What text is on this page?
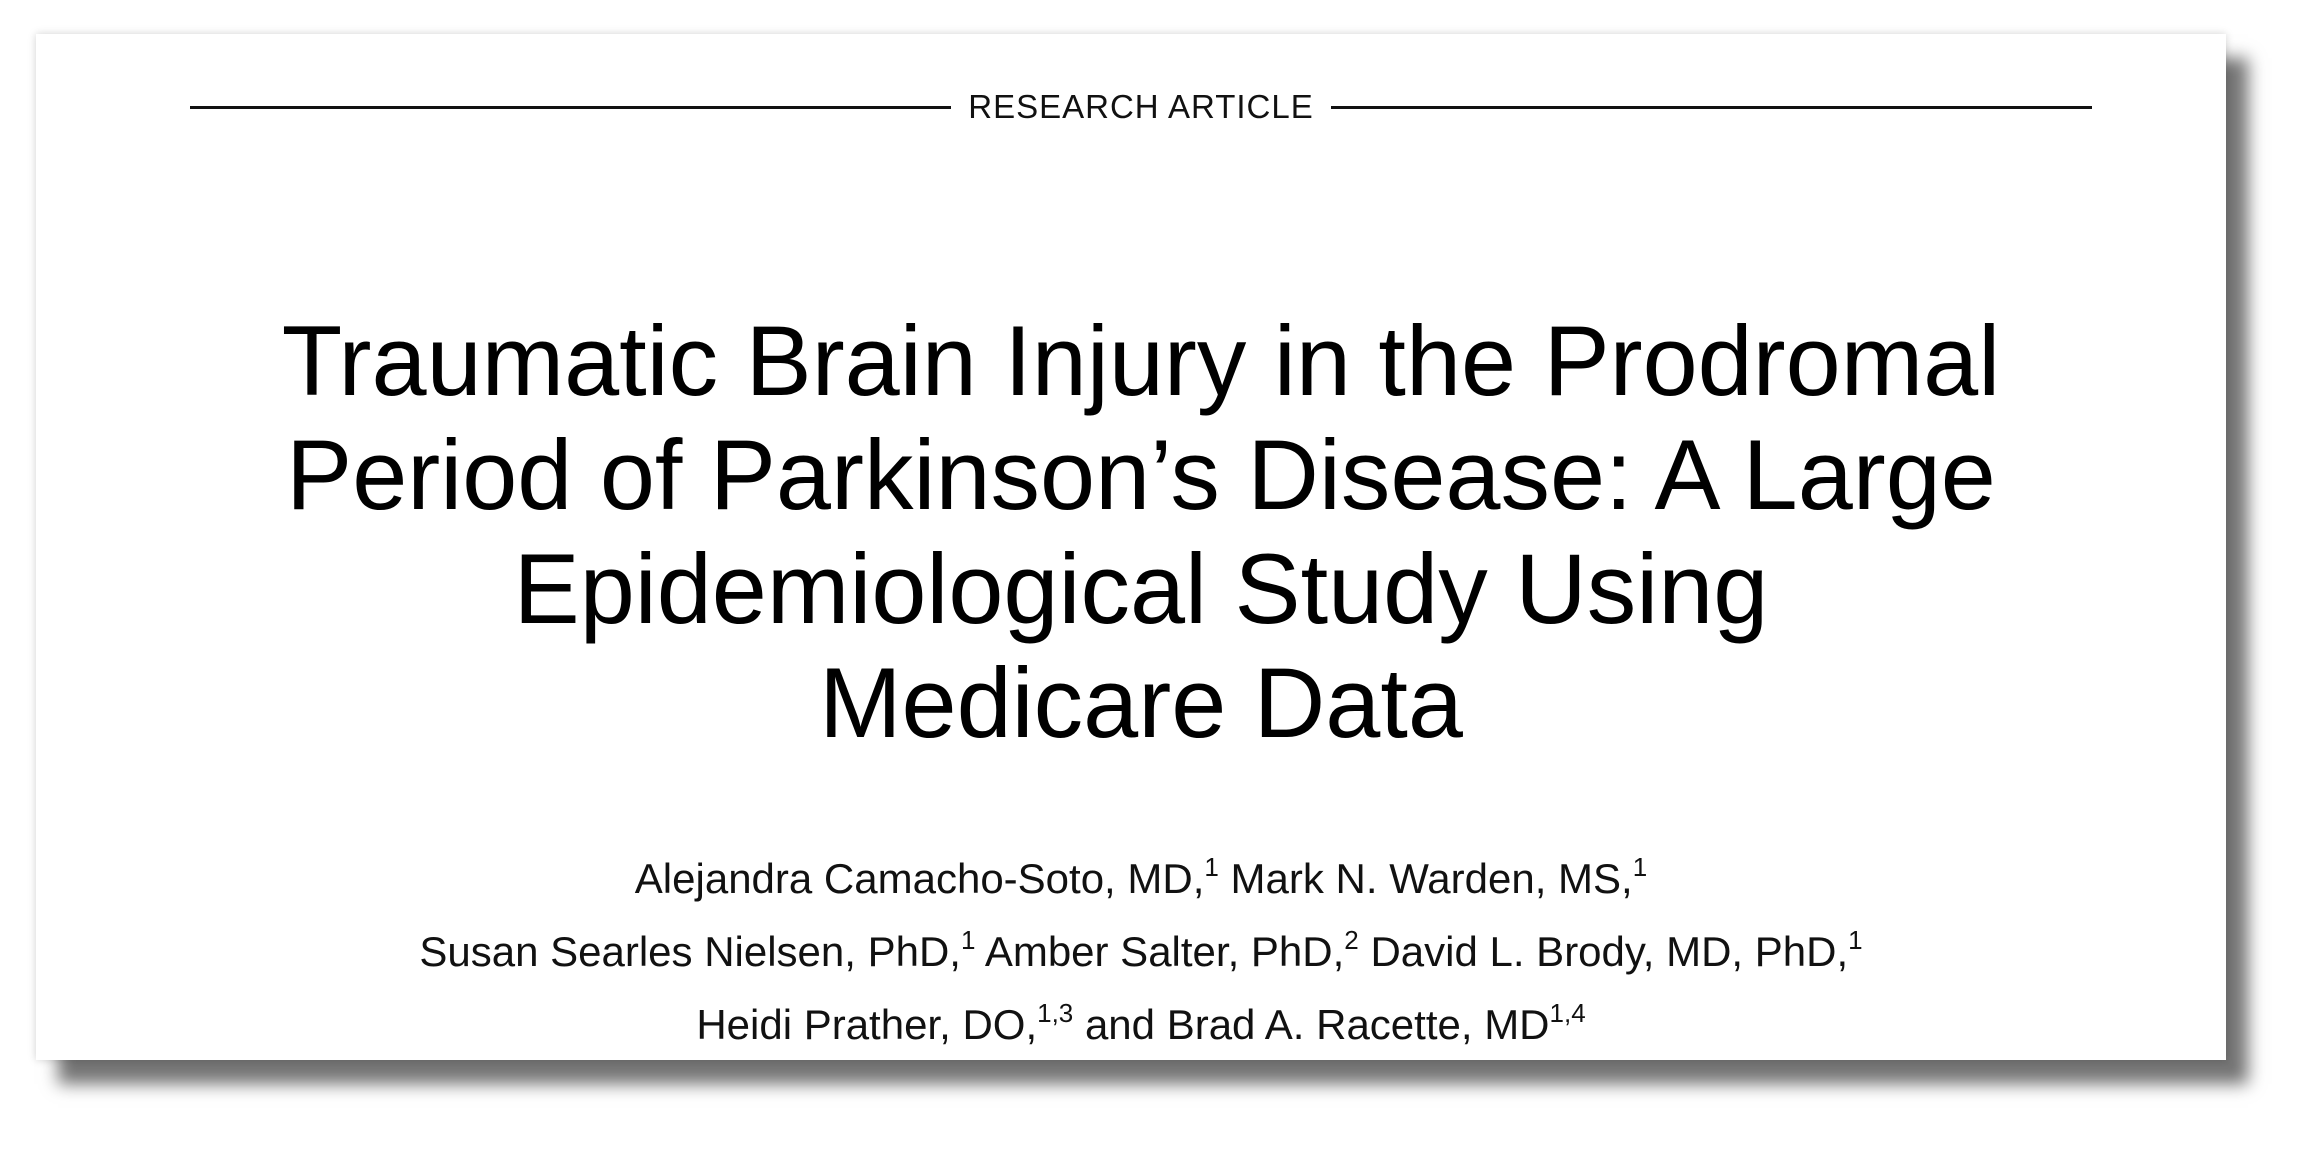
RESEARCH ARTICLE
Traumatic Brain Injury in the Prodromal
Period of Parkinson’s Disease: A Large
Epidemiological Study Using
Medicare Data
Alejandra Camacho-Soto, MD,$^1$ Mark N. Warden, MS,$^1$
Susan Searles Nielsen, PhD,$^1$ Amber Salter, PhD,$^2$ David L. Brody, MD, PhD,$^1$
Heidi Prather, DO,$^{1,3}$ and Brad A. Racette, MD$^{1,4}$
